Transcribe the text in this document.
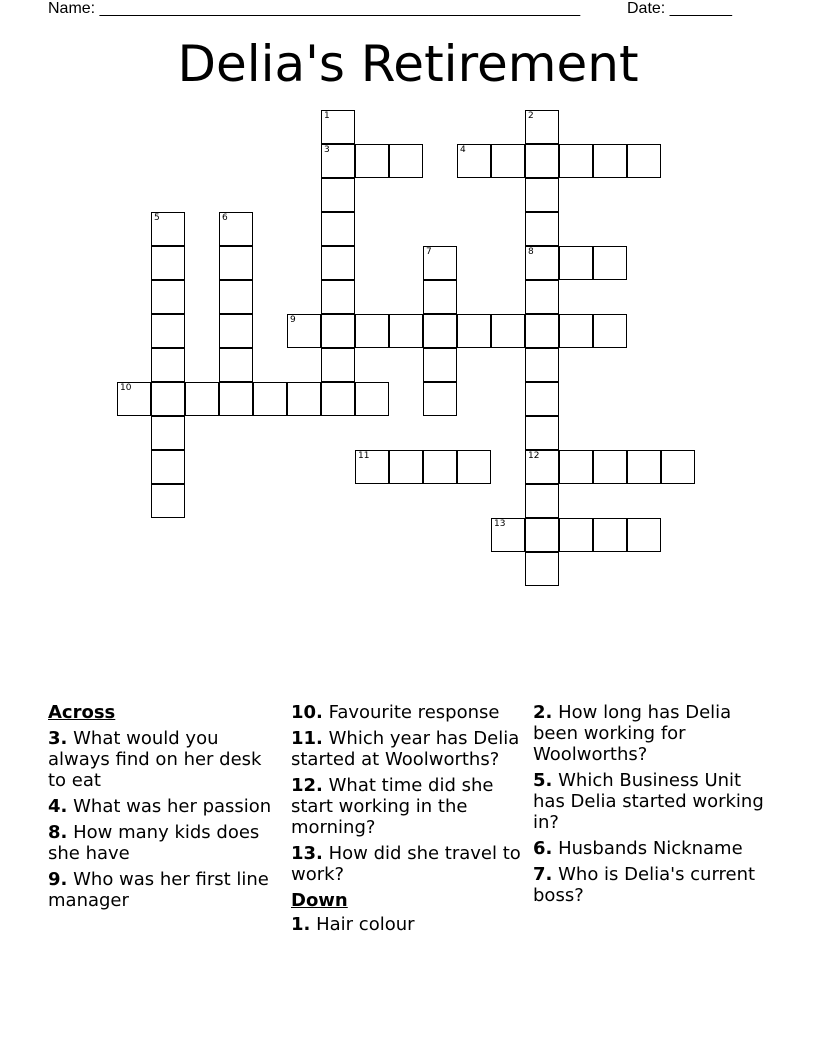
Name: ______________________________________________________	Date: _______
Delia's Retirement
1	2
3	4
5	6
7	8
9
10
11	12
13
Across
3. What would you always find on her desk to eat
4. What was her passion
8. How many kids does she have
9. Who was her first line manager
10. Favourite response
11. Which year has Delia started at Woolworths?
12. What time did she start working in the morning?
13. How did she travel to work?
Down
1. Hair colour
2. How long has Delia been working for Woolworths?
5. Which Business Unit has Delia started working in?
6. Husbands Nickname
7. Who is Delia's current boss?
